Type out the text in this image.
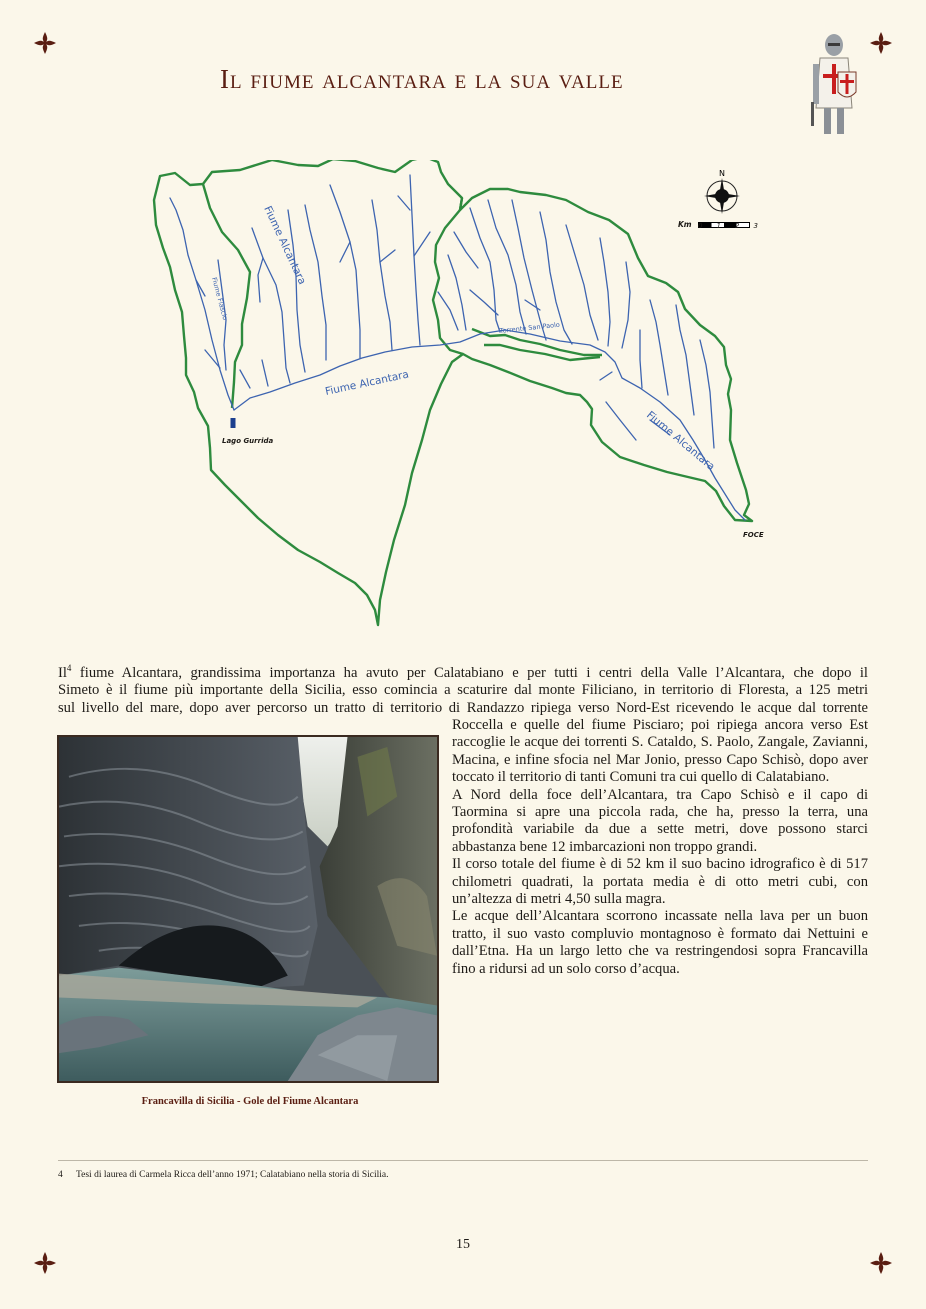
Il fiume alcantara e la sua valle
Fiume Alcantara
Fiume Alcantara
Fiume Alcantara
Fiume Flascio
Torrente San Paolo
Lago Gurrida
FOCE
N
Km 0 1 2 3

Il$^4$ fiume Alcantara, grandissima importanza ha avuto per Calatabiano e per tutti i centri della Valle l’Alcantara, che dopo il

Simeto è il fiume più importante della Sicilia, esso comincia a scaturire dal monte Filiciano, in territorio di Floresta, a 125 metri

sul livello del mare, dopo aver percorso un tratto di territorio di Randazzo ripiega verso Nord-Est ricevendo le acque dal torrente

Francavilla di Sicilia - Gole del Fiume Alcantara

Roccella e quelle del fiume Pisciaro; poi ripiega ancora verso Est raccoglie le acque dei torrenti S. Cataldo, S. Paolo, Zangale, Zavianni, Macina, e infine sfocia nel Mar Jonio, presso Capo Schisò, dopo aver toccato il territorio di tanti Comuni tra cui quello di Calatabiano.

A Nord della foce dell’Alcantara, tra Capo Schisò e il capo di Taormina si apre una piccola rada, che ha, presso la terra, una profondità variabile da due a sette metri, dove possono starci abbastanza bene 12 imbarcazioni non troppo grandi.

Il corso totale del fiume è di 52 km il suo bacino idrografico è di 517 chilometri quadrati, la portata media è di otto metri cubi, con un’altezza di metri 4,50 sulla magra.

Le acque dell’Alcantara scorrono incassate nella lava per un buon tratto, il suo vasto compluvio montagnoso è formato dai Nettuini e dall’Etna. Ha un largo letto che va restringendosi sopra Francavilla fino a ridursi ad un solo corso d’acqua.

4 Tesi di laurea di Carmela Ricca dell’anno 1971; Calatabiano nella storia di Sicilia.

15
